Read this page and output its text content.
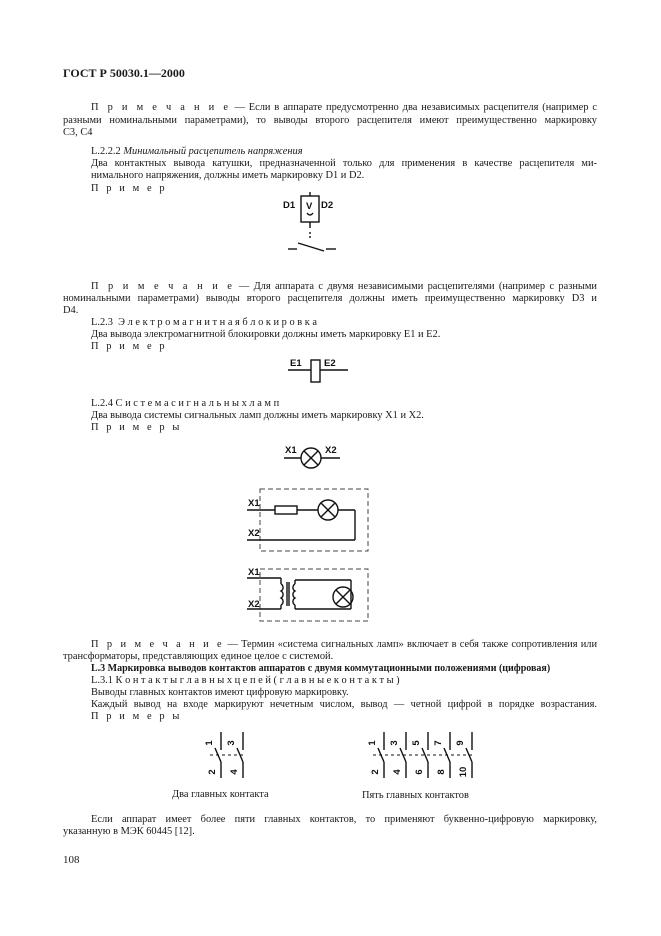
ГОСТ Р 50030.1—2000
П р и м е ч а н и е — Если в аппарате предусмотренно два независимых расцепителя (например с
разными номинальными параметрами), то выводы второго расцепителя имеют преимущественно маркировку
C3, C4
L.2.2.2 Минимальный расцепитель напряжения
Два контактных вывода катушки, предназначенной только для применения в качестве расцепителя ми-
нимального напряжения, должны иметь маркировку D1 и D2.
П р и м е р
D1	D2
V
П р и м е ч а н и е — Для аппарата с двумя независимыми расцепителями (например с разными
номинальными параметрами) выводы второго расцепителя должны иметь преимущественно маркировку D3 и
D4.
L.2.3 Э л е к т р о м а г н и т н а я б л о к и р о в к а
Два вывода электромагнитной блокировки должны иметь маркировку E1 и E2.
П р и м е р
E1 E2
L.2.4 С и с т е м а с и г н а л ь н ы х л а м п
Два вывода системы сигнальных ламп должны иметь маркировку X1 и X2.
П р и м е р ы
X1	X2
X1
X2
X1
X2
П р и м е ч а н и е — Термин «система сигнальных ламп» включает в себя также сопротивления или
трансформаторы, представляющих единое целое с системой.
L.3 Маркировка выводов контактов аппаратов с двумя коммутационными положениями (цифровая)
L.3.1 К о н т а к т ы г л а в н ы х ц е п е й ( г л а в н ы е к о н т а к т ы )
Выводы главных контактов имеют цифровую маркировку.
Каждый вывод на входе маркируют нечетным числом, вывод — четной цифрой в порядке возрастания.
П р и м е р ы
1
2
3
4
Два главных контакта
1
2
3
4
5
6
7
8
9
10
Пять главных контактов
Если аппарат имеет более пяти главных контактов, то применяют буквенно-цифровую маркировку,
указанную в МЭК 60445 [12].
108
